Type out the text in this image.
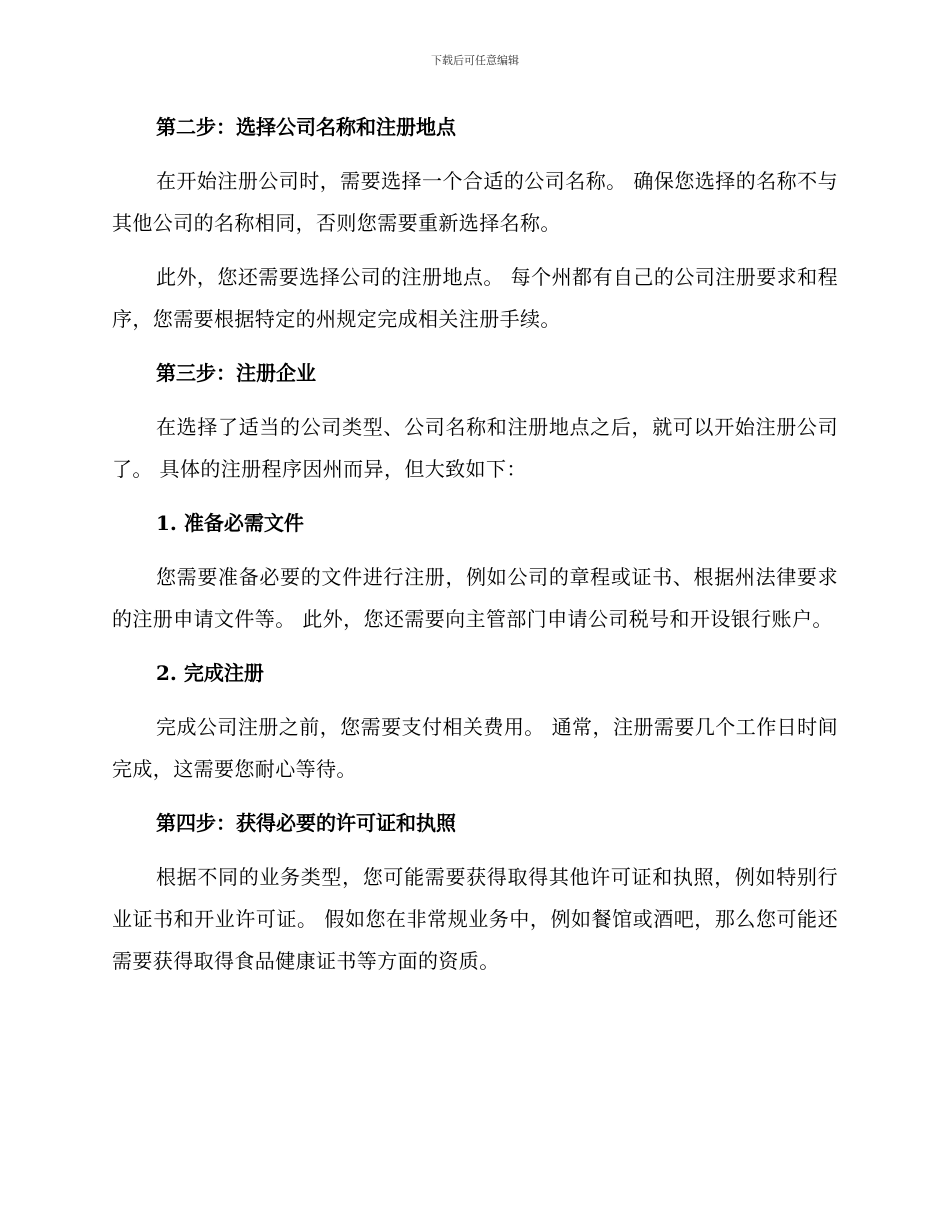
下载后可任意编辑

第二步：选择公司名称和注册地点

在开始注册公司时，需要选择一个合适的公司名称。 确保您选择的名称不与其他公司的名称相同，否则您需要重新选择名称。

此外，您还需要选择公司的注册地点。 每个州都有自己的公司注册要求和程序，您需要根据特定的州规定完成相关注册手续。

第三步：注册企业

在选择了适当的公司类型、公司名称和注册地点之后，就可以开始注册公司了。 具体的注册程序因州而异，但大致如下：

1. 准备必需文件

您需要准备必要的文件进行注册，例如公司的章程或证书、根据州法律要求的注册申请文件等。 此外，您还需要向主管部门申请公司税号和开设银行账户。

2. 完成注册

完成公司注册之前，您需要支付相关费用。 通常，注册需要几个工作日时间完成，这需要您耐心等待。

第四步：获得必要的许可证和执照

根据不同的业务类型，您可能需要获得取得其他许可证和执照，例如特别行业证书和开业许可证。 假如您在非常规业务中，例如餐馆或酒吧，那么您可能还需要获得取得食品健康证书等方面的资质。
